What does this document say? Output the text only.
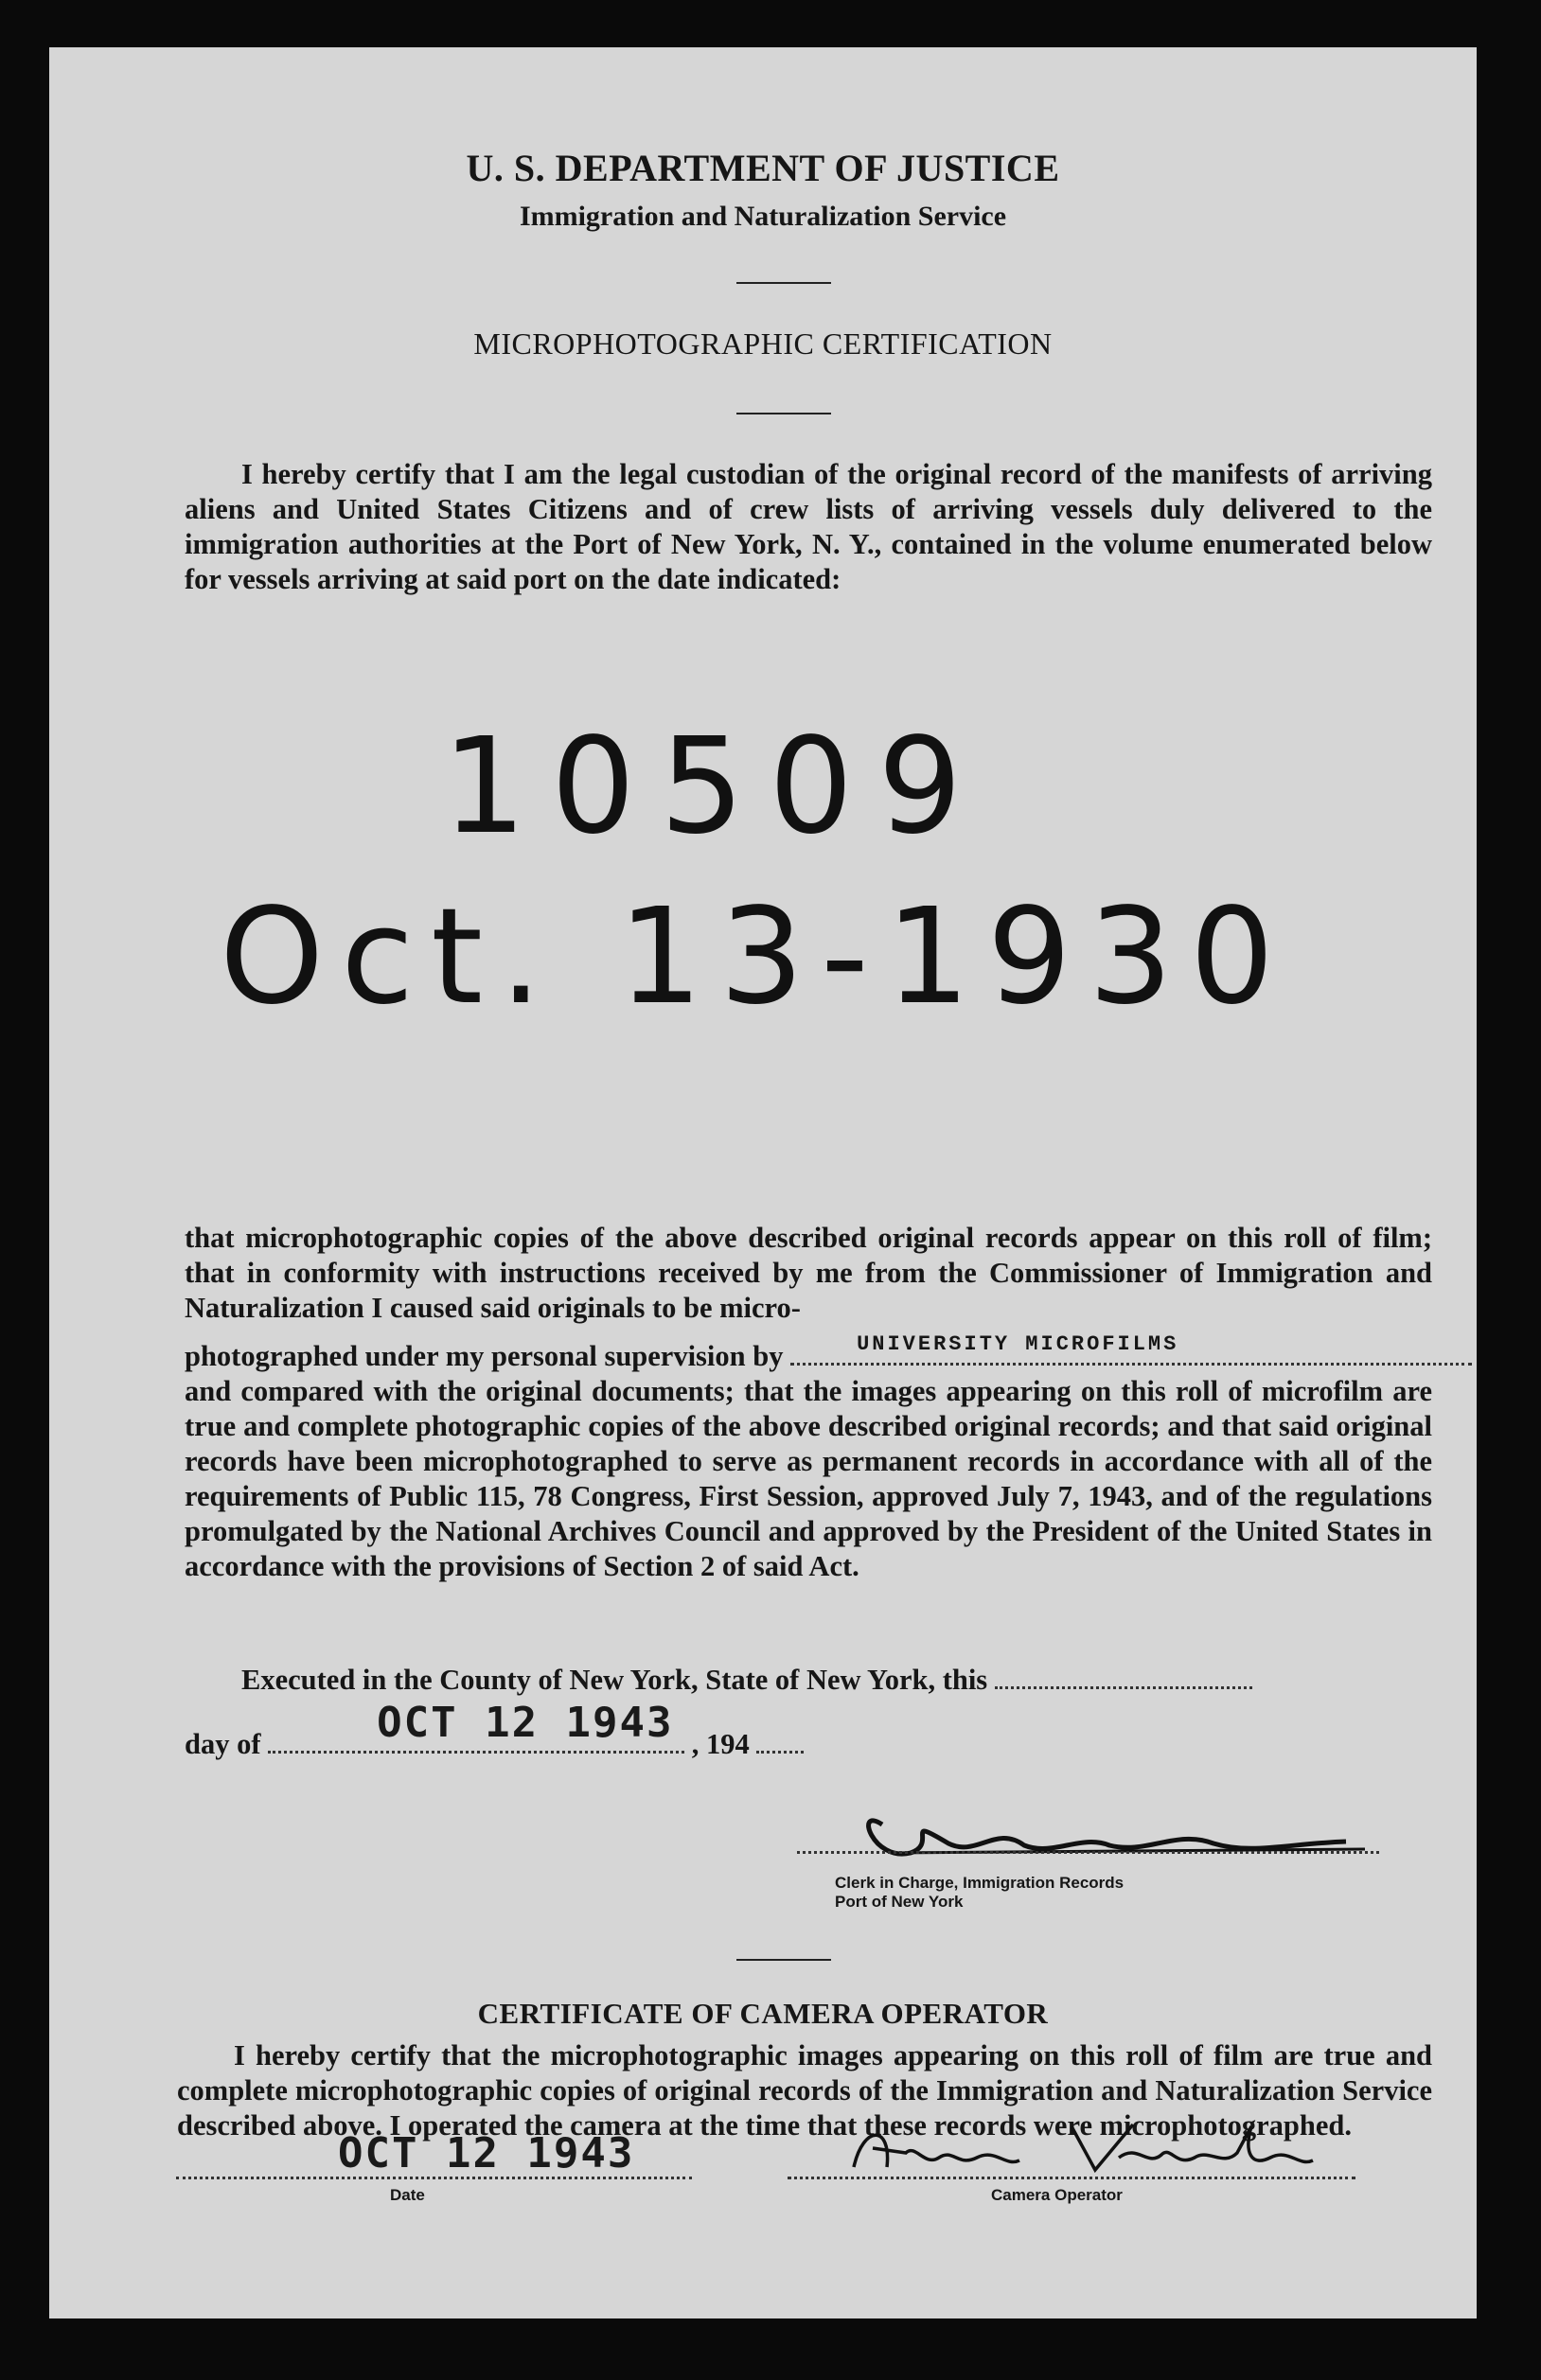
U. S. DEPARTMENT OF JUSTICE
Immigration and Naturalization Service
MICROPHOTOGRAPHIC CERTIFICATION
I hereby certify that I am the legal custodian of the original record of the manifests of arriving aliens and United States Citizens and of crew lists of arriving vessels duly delivered to the immigration authorities at the Port of New York, N. Y., contained in the volume enumerated below for vessels arriving at said port on the date indicated:
10509
Oct. 13-1930
that microphotographic copies of the above described original records appear on this roll of film; that in conformity with instructions received by me from the Commissioner of Immigration and Naturalization I caused said originals to be micro-
photographed under my personal supervision by	UNIVERSITY MICROFILMS
and compared with the original documents; that the images appearing on this roll of microfilm are true and complete photographic copies of the above described original records; and that said original records have been microphotographed to serve as permanent records in accordance with all of the requirements of Public 115, 78 Congress, First Session, approved July 7, 1943, and of the regulations promulgated by the National Archives Council and approved by the President of the United States in accordance with the provisions of Section 2 of said Act.
Executed in the County of New York, State of New York, this
day of	OCT 12 1943 , 194
Clerk in Charge, Immigration Records
Port of New York
CERTIFICATE OF CAMERA OPERATOR
I hereby certify that the microphotographic images appearing on this roll of film are true and complete microphotographic copies of original records of the Immigration and Naturalization Service described above. I operated the camera at the time that these records were microphotographed.
OCT 12 1943
Date	Camera Operator
